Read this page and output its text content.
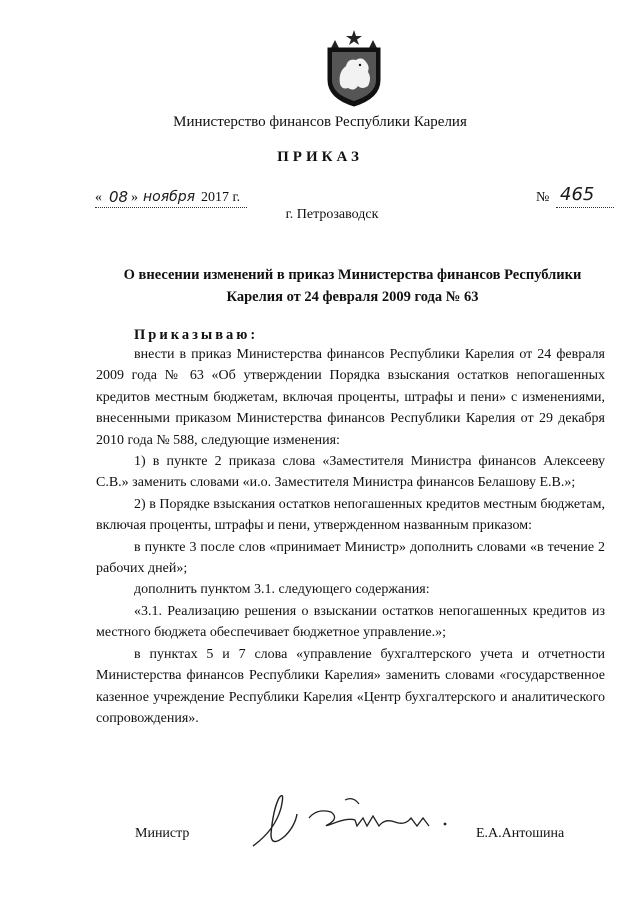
Министерство финансов Республики Карелия
ПРИКАЗ
« 08 » ноября 2017 г.	№ 465
г. Петрозаводск
О внесении изменений в приказ Министерства финансов Республики
Карелия от 24 февраля 2009 года № 63
Приказываю:

внести в приказ Министерства финансов Республики Карелия от 24 февраля 2009 года № 63 «Об утверждении Порядка взыскания остатков непогашенных кредитов местным бюджетам, включая проценты, штрафы и пени» с изменениями, внесенными приказом Министерства финансов Республики Карелия от 29 декабря 2010 года № 588, следующие изменения:

1) в пункте 2 приказа слова «Заместителя Министра финансов Алексееву С.В.» заменить словами «и.о. Заместителя Министра финансов Белашову Е.В.»;

2) в Порядке взыскания остатков непогашенных кредитов местным бюджетам, включая проценты, штрафы и пени, утвержденном названным приказом:

в пункте 3 после слов «принимает Министр» дополнить словами «в течение 2 рабочих дней»;

дополнить пунктом 3.1. следующего содержания:

«3.1. Реализацию решения о взыскании остатков непогашенных кредитов из местного бюджета обеспечивает бюджетное управление.»;

в пунктах 5 и 7 слова «управление бухгалтерского учета и отчетности Министерства финансов Республики Карелия» заменить словами «государственное казенное учреждение Республики Карелия «Центр бухгалтерского и аналитического сопровождения».

Министр	Е.А.Антошина
